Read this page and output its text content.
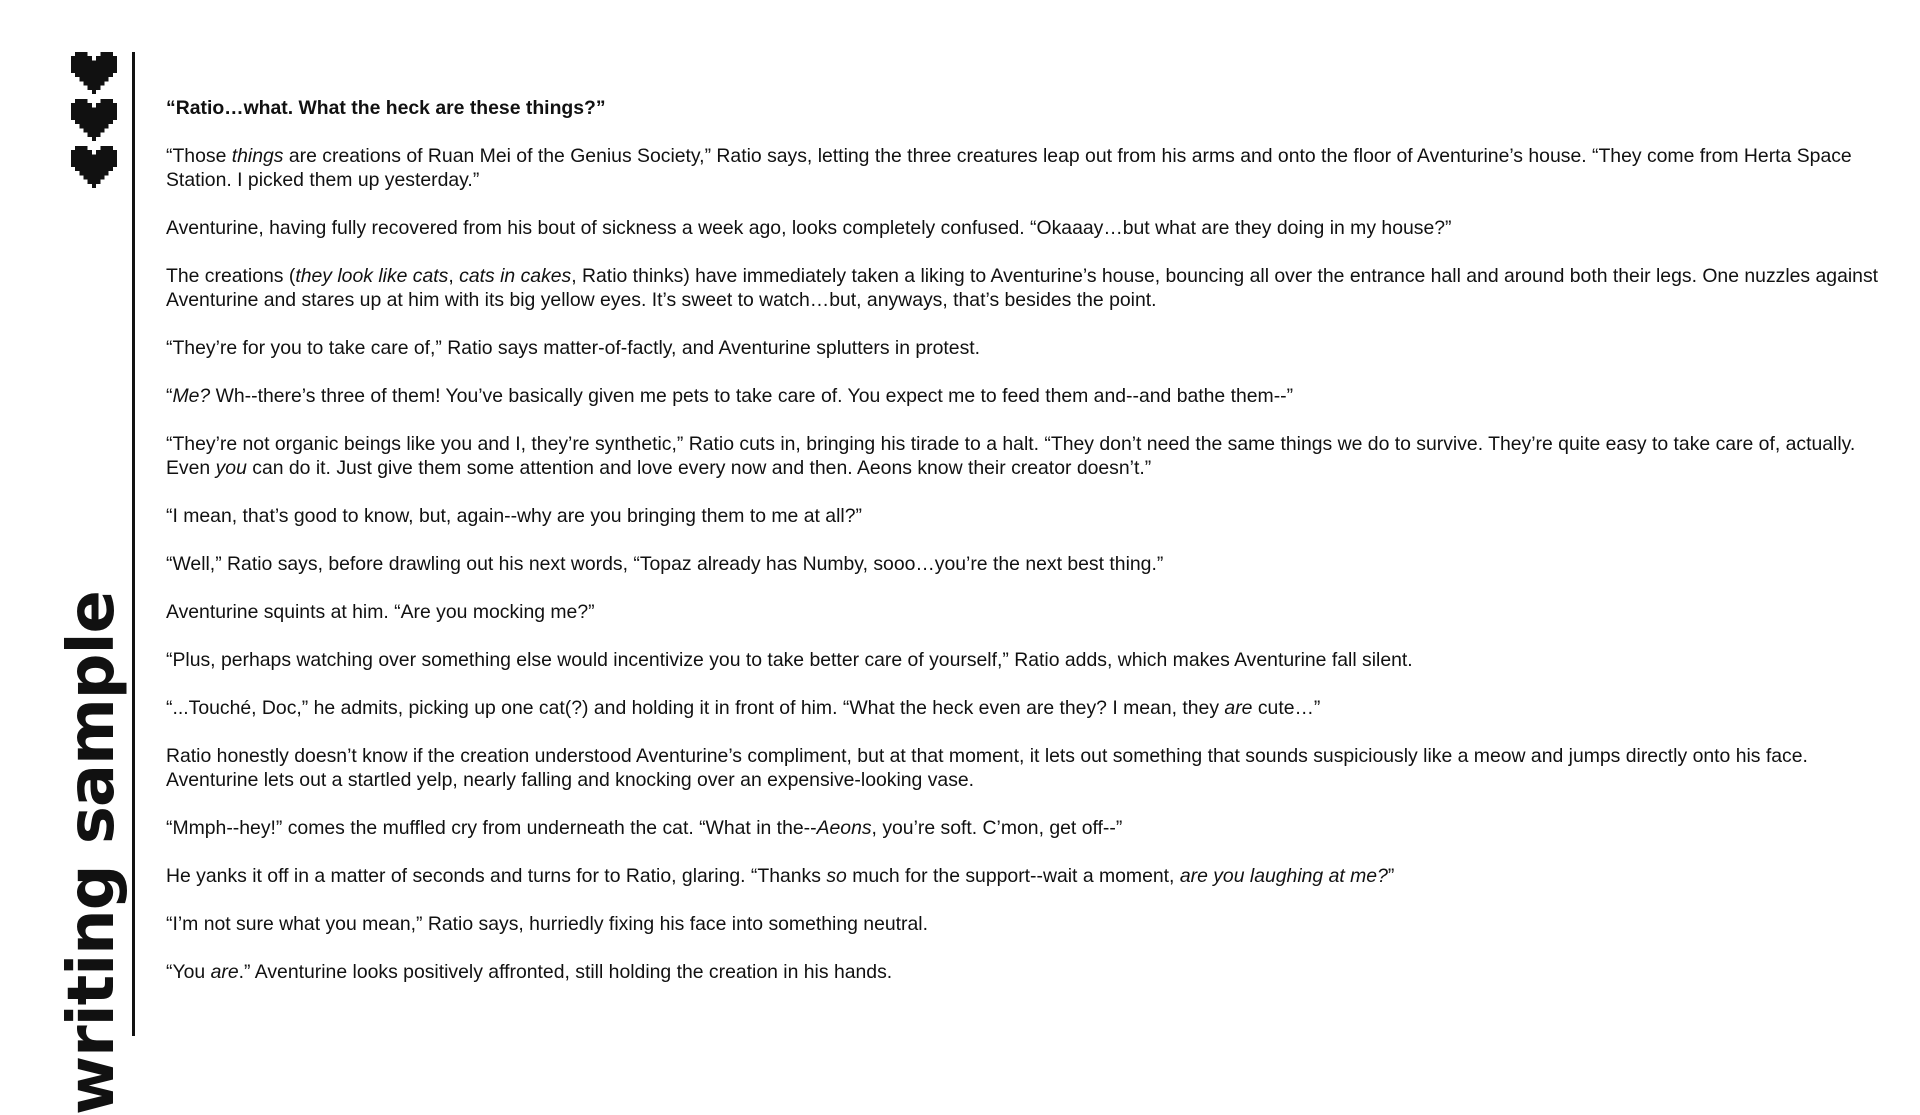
writing sample

“Ratio…what. What the heck are these things?”

“Those things are creations of Ruan Mei of the Genius Society,” Ratio says, letting the three creatures leap out from his arms and onto the floor of Aventurine’s house. “They come from Herta Space Station. I picked them up yesterday.”

Aventurine, having fully recovered from his bout of sickness a week ago, looks completely confused. “Okaaay…but what are they doing in my house?”

The creations (they look like cats, cats in cakes, Ratio thinks) have immediately taken a liking to Aventurine’s house, bouncing all over the entrance hall and around both their legs. One nuzzles against Aventurine and stares up at him with its big yellow eyes. It’s sweet to watch…but, anyways, that’s besides the point.

“They’re for you to take care of,” Ratio says matter-of-factly, and Aventurine splutters in protest.

“Me? Wh--there’s three of them! You’ve basically given me pets to take care of. You expect me to feed them and--and bathe them--”

“They’re not organic beings like you and I, they’re synthetic,” Ratio cuts in, bringing his tirade to a halt. “They don’t need the same things we do to survive. They’re quite easy to take care of, actually. Even you can do it. Just give them some attention and love every now and then. Aeons know their creator doesn’t.”

“I mean, that’s good to know, but, again--why are you bringing them to me at all?”

“Well,” Ratio says, before drawling out his next words, “Topaz already has Numby, sooo…you’re the next best thing.”

Aventurine squints at him. “Are you mocking me?”

“Plus, perhaps watching over something else would incentivize you to take better care of yourself,” Ratio adds, which makes Aventurine fall silent.

“...Touché, Doc,” he admits, picking up one cat(?) and holding it in front of him. “What the heck even are they? I mean, they are cute…”

Ratio honestly doesn’t know if the creation understood Aventurine’s compliment, but at that moment, it lets out something that sounds suspiciously like a meow and jumps directly onto his face. Aventurine lets out a startled yelp, nearly falling and knocking over an expensive-looking vase.

“Mmph--hey!” comes the muffled cry from underneath the cat. “What in the--Aeons, you’re soft. C’mon, get off--”

He yanks it off in a matter of seconds and turns for to Ratio, glaring. “Thanks so much for the support--wait a moment, are you laughing at me?”

“I’m not sure what you mean,” Ratio says, hurriedly fixing his face into something neutral.

“You are.” Aventurine looks positively affronted, still holding the creation in his hands.
